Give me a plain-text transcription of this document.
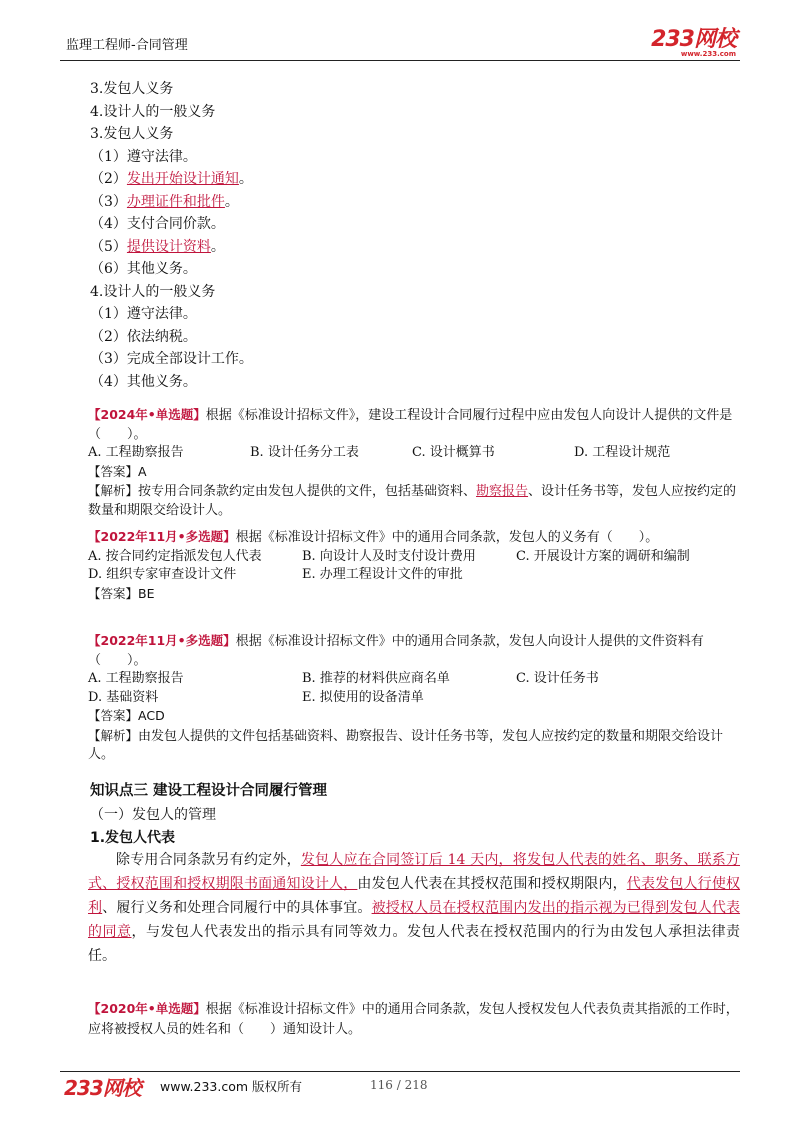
监理工程师-合同管理	233网校
www.233.com
3.发包人义务
4.设计人的一般义务
3.发包人义务
（1）遵守法律。
（2）发出开始设计通知。
（3）办理证件和批件。
（4）支付合同价款。
（5）提供设计资料。
（6）其他义务。
4.设计人的一般义务
（1）遵守法律。
（2）依法纳税。
（3）完成全部设计工作。
（4）其他义务。
【2024年•单选题】根据《标准设计招标文件》，建设工程设计合同履行过程中应由发包人向设计人提供的文件是（　　）。
A. 工程勘察报告	B. 设计任务分工表	C. 设计概算书	D. 工程设计规范
【答案】A
【解析】按专用合同条款约定由发包人提供的文件，包括基础资料、勘察报告、设计任务书等，发包人应按约定的数量和期限交给设计人。
【2022年11月•多选题】根据《标准设计招标文件》中的通用合同条款，发包人的义务有（　　）。
A. 按合同约定指派发包人代表	B. 向设计人及时支付设计费用	C. 开展设计方案的调研和编制
D. 组织专家审查设计文件	E. 办理工程设计文件的审批
【答案】BE
【2022年11月•多选题】根据《标准设计招标文件》中的通用合同条款，发包人向设计人提供的文件资料有（　　）。
A. 工程勘察报告	B. 推荐的材料供应商名单	C. 设计任务书
D. 基础资料	E. 拟使用的设备清单
【答案】ACD
【解析】由发包人提供的文件包括基础资料、勘察报告、设计任务书等，发包人应按约定的数量和期限交给设计人。
知识点三 建设工程设计合同履行管理
（一）发包人的管理
1.发包人代表
除专用合同条款另有约定外，发包人应在合同签订后 14 天内，将发包人代表的姓名、职务、联系方式、授权范围和授权期限书面通知设计人，由发包人代表在其授权范围和授权期限内，代表发包人行使权利、履行义务和处理合同履行中的具体事宜。被授权人员在授权范围内发出的指示视为已得到发包人代表的同意，与发包人代表发出的指示具有同等效力。发包人代表在授权范围内的行为由发包人承担法律责任。
【2020年•单选题】根据《标准设计招标文件》中的通用合同条款，发包人授权发包人代表负责其指派的工作时，应将被授权人员的姓名和（　　）通知设计人。
233网校 www.233.com 版权所有	116 / 218
